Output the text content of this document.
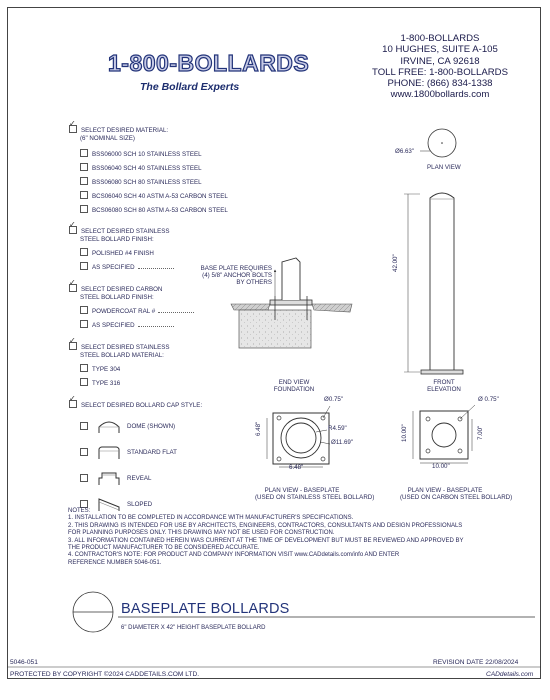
1-800-BOLLARDS
The Bollard Experts
1-800-BOLLARDS
10 HUGHES, SUITE A-105
IRVINE, CA 92618
TOLL FREE: 1-800-BOLLARDS
PHONE: (866) 834-1338
www.1800bollards.com
✓SELECT DESIRED MATERIAL:
(6" NOMINAL SIZE)
BSS06000 SCH 10 STAINLESS STEEL
BSS06040 SCH 40 STAINLESS STEEL
BSS06080 SCH 80 STAINLESS STEEL
BCS06040 SCH 40 ASTM A-53 CARBON STEEL
BCS06080 SCH 80 ASTM A-53 CARBON STEEL
✓SELECT DESIRED STAINLESS
STEEL BOLLARD FINISH:
POLISHED #4 FINISH
AS SPECIFIED
✓SELECT DESIRED CARBON
STEEL BOLLARD FINISH:
POWDERCOAT RAL #
AS SPECIFIED
✓SELECT DESIRED STAINLESS
STEEL BOLLARD MATERIAL:
TYPE 304
TYPE 316
✓SELECT DESIRED BOLLARD CAP STYLE:
DOME (SHOWN)
STANDARD FLAT
REVEAL
SLOPED
BASE PLATE REQUIRES
(4) 5/8" ANCHOR BOLTS
BY OTHERS
Ø6.63"
PLAN VIEW
42.00"
END VIEW
FOUNDATION
FRONT
ELEVATION
Ø0.75"
R4.59"
Ø11.69"
6.48"
6.48"
PLAN VIEW - BASEPLATE
(USED ON STAINLESS STEEL BOLLARD)
Ø 0.75"
10.00"	7.00"
10.00"
PLAN VIEW - BASEPLATE
(USED ON CARBON STEEL BOLLARD)
NOTES:
1. INSTALLATION TO BE COMPLETED IN ACCORDANCE WITH MANUFACTURER'S SPECIFICATIONS.
2. THIS DRAWING IS INTENDED FOR USE BY ARCHITECTS, ENGINEERS, CONTRACTORS, CONSULTANTS AND DESIGN PROFESSIONALS
FOR PLANNING PURPOSES ONLY. THIS DRAWING MAY NOT BE USED FOR CONSTRUCTION.
3. ALL INFORMATION CONTAINED HEREIN WAS CURRENT AT THE TIME OF DEVELOPMENT BUT MUST BE REVIEWED AND APPROVED BY
THE PRODUCT MANUFACTURER TO BE CONSIDERED ACCURATE.
4. CONTRACTOR'S NOTE: FOR PRODUCT AND COMPANY INFORMATION VISIT www.CADdetails.com/info AND ENTER
REFERENCE NUMBER 5046-051.
BASEPLATE BOLLARDS
6" DIAMETER X 42" HEIGHT BASEPLATE BOLLARD
5046-051	REVISION DATE 22/08/2024
PROTECTED BY COPYRIGHT ©2024 CADDETAILS.COM LTD.	CADdetails.com
